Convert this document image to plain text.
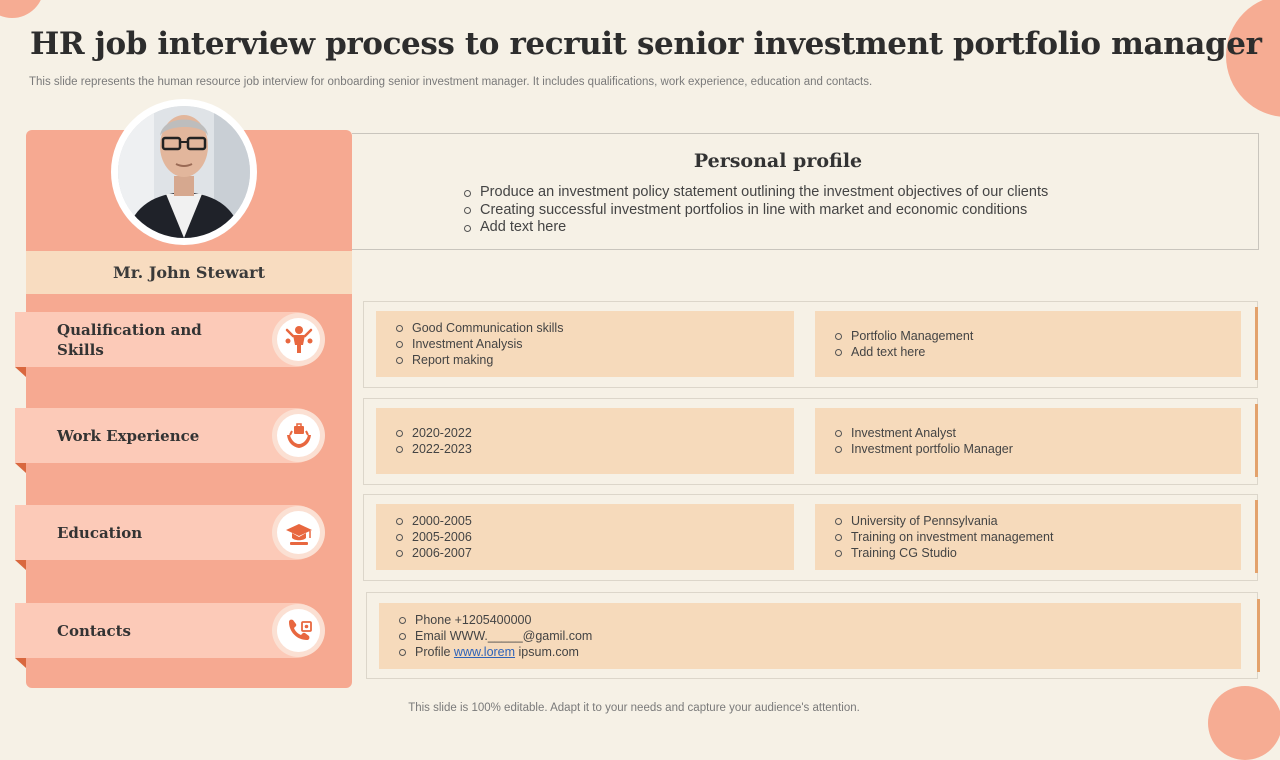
HR job interview process to recruit senior investment portfolio manager
This slide represents the human resource job interview for onboarding senior investment manager. It includes qualifications, work experience, education and contacts.
Mr. John Stewart
Qualification and Skills
Work Experience
Education
Contacts
Personal profile
Produce an investment policy statement outlining the investment objectives of our clients
Creating successful investment portfolios in line with market and economic conditions
Add text here
Good Communication skills
Investment Analysis
Report making
Portfolio Management
Add text here
2020-2022
2022-2023
Investment Analyst
Investment portfolio Manager
2000-2005
2005-2006
2006-2007
University of Pennsylvania
Training on investment management
Training CG Studio
Phone +1205400000
Email WWW._____@gamil.com
Profile www.lorem ipsum.com
This slide is 100% editable. Adapt it to your needs and capture your audience's attention.
